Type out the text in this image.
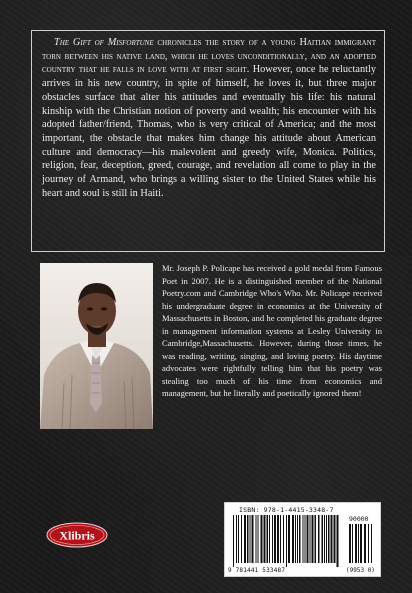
The Gift of Misfortune chronicles the story of a young Haitian immigrant torn between his native land, which he loves unconditionally, and an adopted country that he falls in love with at first sight. However, once he reluctantly arrives in his new country, in spite of himself, he loves it, but three major obstacles surface that alter his attitudes and eventually his life: his natural kinship with the Christian notion of poverty and wealth; his encounter with his adopted father/friend, Thomas, who is very critical of America; and the most important, the obstacle that makes him change his attitude about American culture and democracy—his malevolent and greedy wife, Monica. Politics, religion, fear, deception, greed, courage, and revelation all come to play in the journey of Armand, who brings a willing sister to the United States while his heart and soul is still in Haiti.

Mr. Joseph P. Policape has received a gold medal from Famous Poet in 2007. He is a distinguished member of the National Poetry.com and Cambridge Who's Who. Mr. Policape received his undergraduate degree in economics at the University of Massachusetts in Boston, and he completed his graduate degree in management information systems at Lesley University in Cambridge,Massachusetts. However, during those times, he was reading, writing, singing, and loving poetry. His daytime advocates were rightfully telling him that his poetry was stealing too much of his time from economics and management, but he literally and poetically ignored them!

Xlibris
ISBN: 978-1-4415-3348-7
90000
9 781441 533487	(9953 0)
